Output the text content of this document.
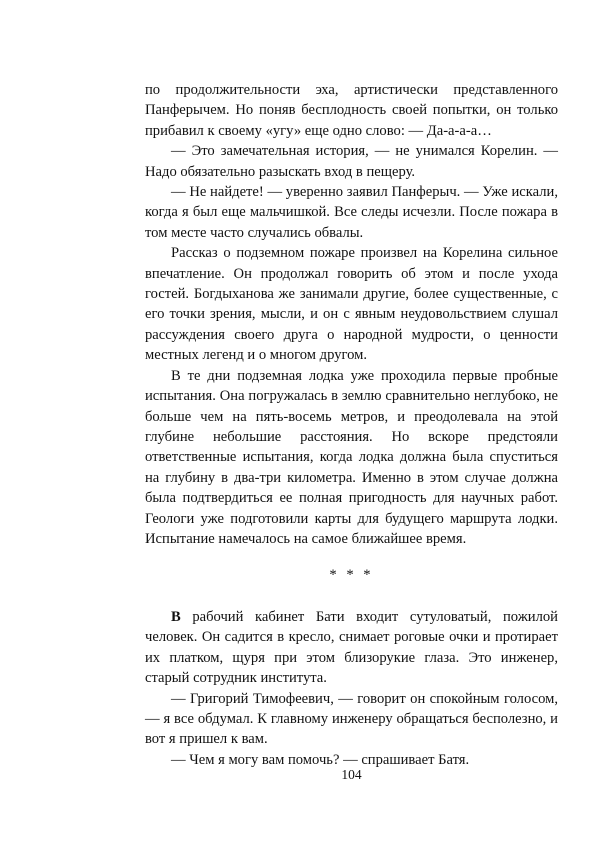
по продолжительности эха, артистически представленного Панферычем. Но поняв бесплодность своей попытки, он только прибавил к своему «угу» еще одно слово: — Да-а-а-а…

— Это замечательная история, — не унимался Корелин. — Надо обязательно разыскать вход в пещеру.

— Не найдете! — уверенно заявил Панферыч. — Уже искали, когда я был еще мальчишкой. Все следы исчезли. После пожара в том месте часто случались обвалы.

Рассказ о подземном пожаре произвел на Корелина сильное впечатление. Он продолжал говорить об этом и после ухода гостей. Богдыханова же занимали другие, более существенные, с его точки зрения, мысли, и он с явным неудовольствием слушал рассуждения своего друга о народной мудрости, о ценности местных легенд и о многом другом.

В те дни подземная лодка уже проходила первые пробные испытания. Она погружалась в землю сравнительно неглубоко, не больше чем на пять-восемь метров, и преодолевала на этой глубине небольшие расстояния. Но вскоре предстояли ответственные испытания, когда лодка должна была спуститься на глубину в два-три километра. Именно в этом случае должна была подтвердиться ее полная пригодность для научных работ. Геологи уже подготовили карты для будущего маршрута лодки. Испытание намечалось на самое ближайшее время.

* * *

В рабочий кабинет Бати входит сутуловатый, пожилой человек. Он садится в кресло, снимает роговые очки и протирает их платком, щуря при этом близорукие глаза. Это инженер, старый сотрудник института.

— Григорий Тимофеевич, — говорит он спокойным голосом, — я все обдумал. К главному инженеру обращаться бесполезно, и вот я пришел к вам.

— Чем я могу вам помочь? — спрашивает Батя.

104
